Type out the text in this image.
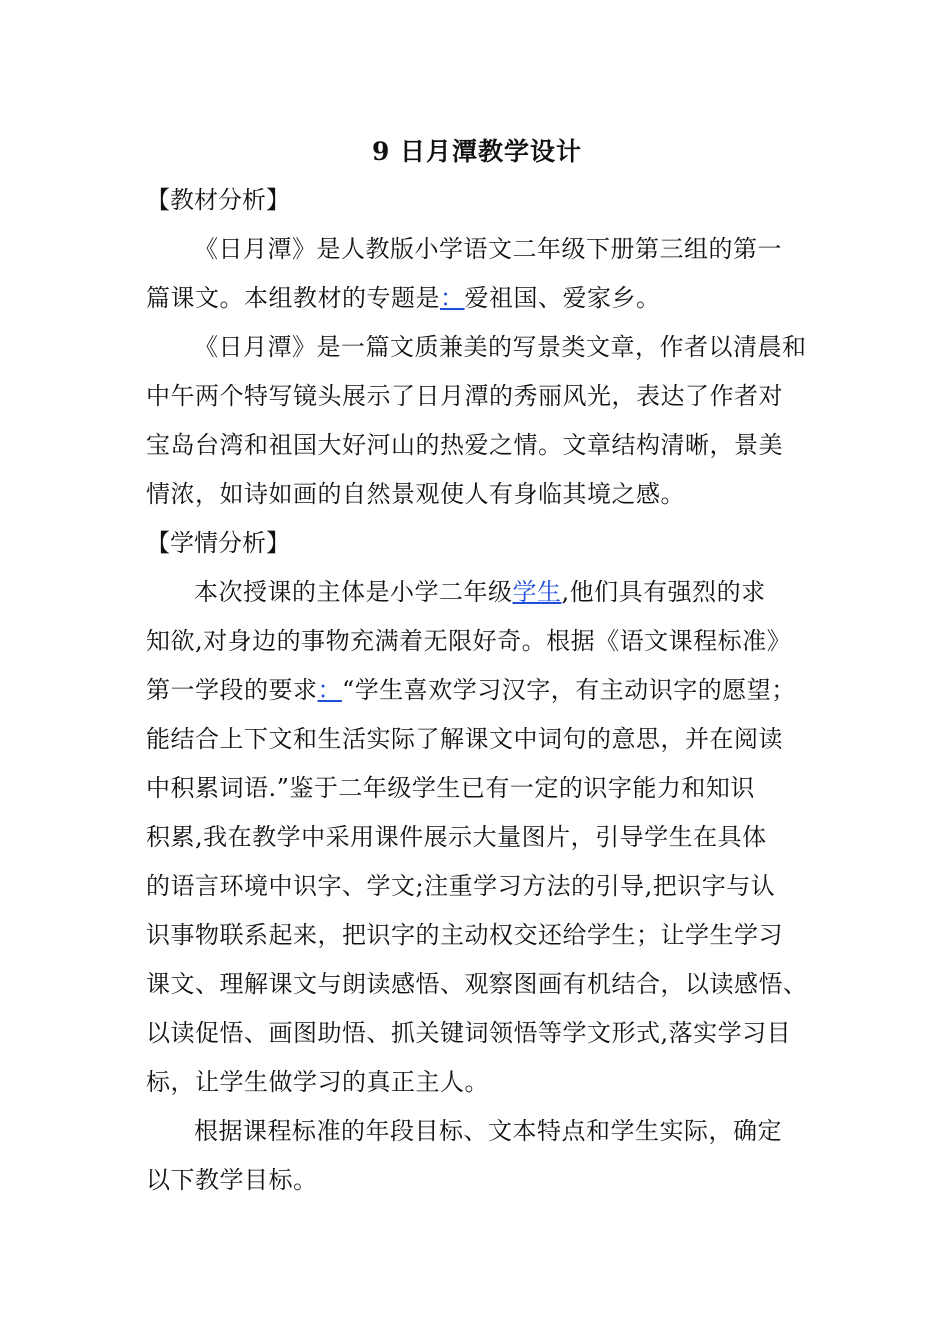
9 日月潭教学设计
【教材分析】
《日月潭》是人教版小学语文二年级下册第三组的第一
篇课文。本组教材的专题是：爱祖国、爱家乡。
《日月潭》是一篇文质兼美的写景类文章，作者以清晨和
中午两个特写镜头展示了日月潭的秀丽风光，表达了作者对
宝岛台湾和祖国大好河山的热爱之情。文章结构清晰，景美
情浓，如诗如画的自然景观使人有身临其境之感。
【学情分析】
本次授课的主体是小学二年级学生,他们具有强烈的求
知欲,对身边的事物充满着无限好奇。根据《语文课程标准》
第一学段的要求：“学生喜欢学习汉字，有主动识字的愿望；
能结合上下文和生活实际了解课文中词句的意思，并在阅读
中积累词语.”鉴于二年级学生已有一定的识字能力和知识
积累,我在教学中采用课件展示大量图片，引导学生在具体
的语言环境中识字、学文;注重学习方法的引导,把识字与认
识事物联系起来，把识字的主动权交还给学生；让学生学习
课文、理解课文与朗读感悟、观察图画有机结合，以读感悟、
以读促悟、画图助悟、抓关键词领悟等学文形式,落实学习目
标，让学生做学习的真正主人。
根据课程标准的年段目标、文本特点和学生实际，确定
以下教学目标。
